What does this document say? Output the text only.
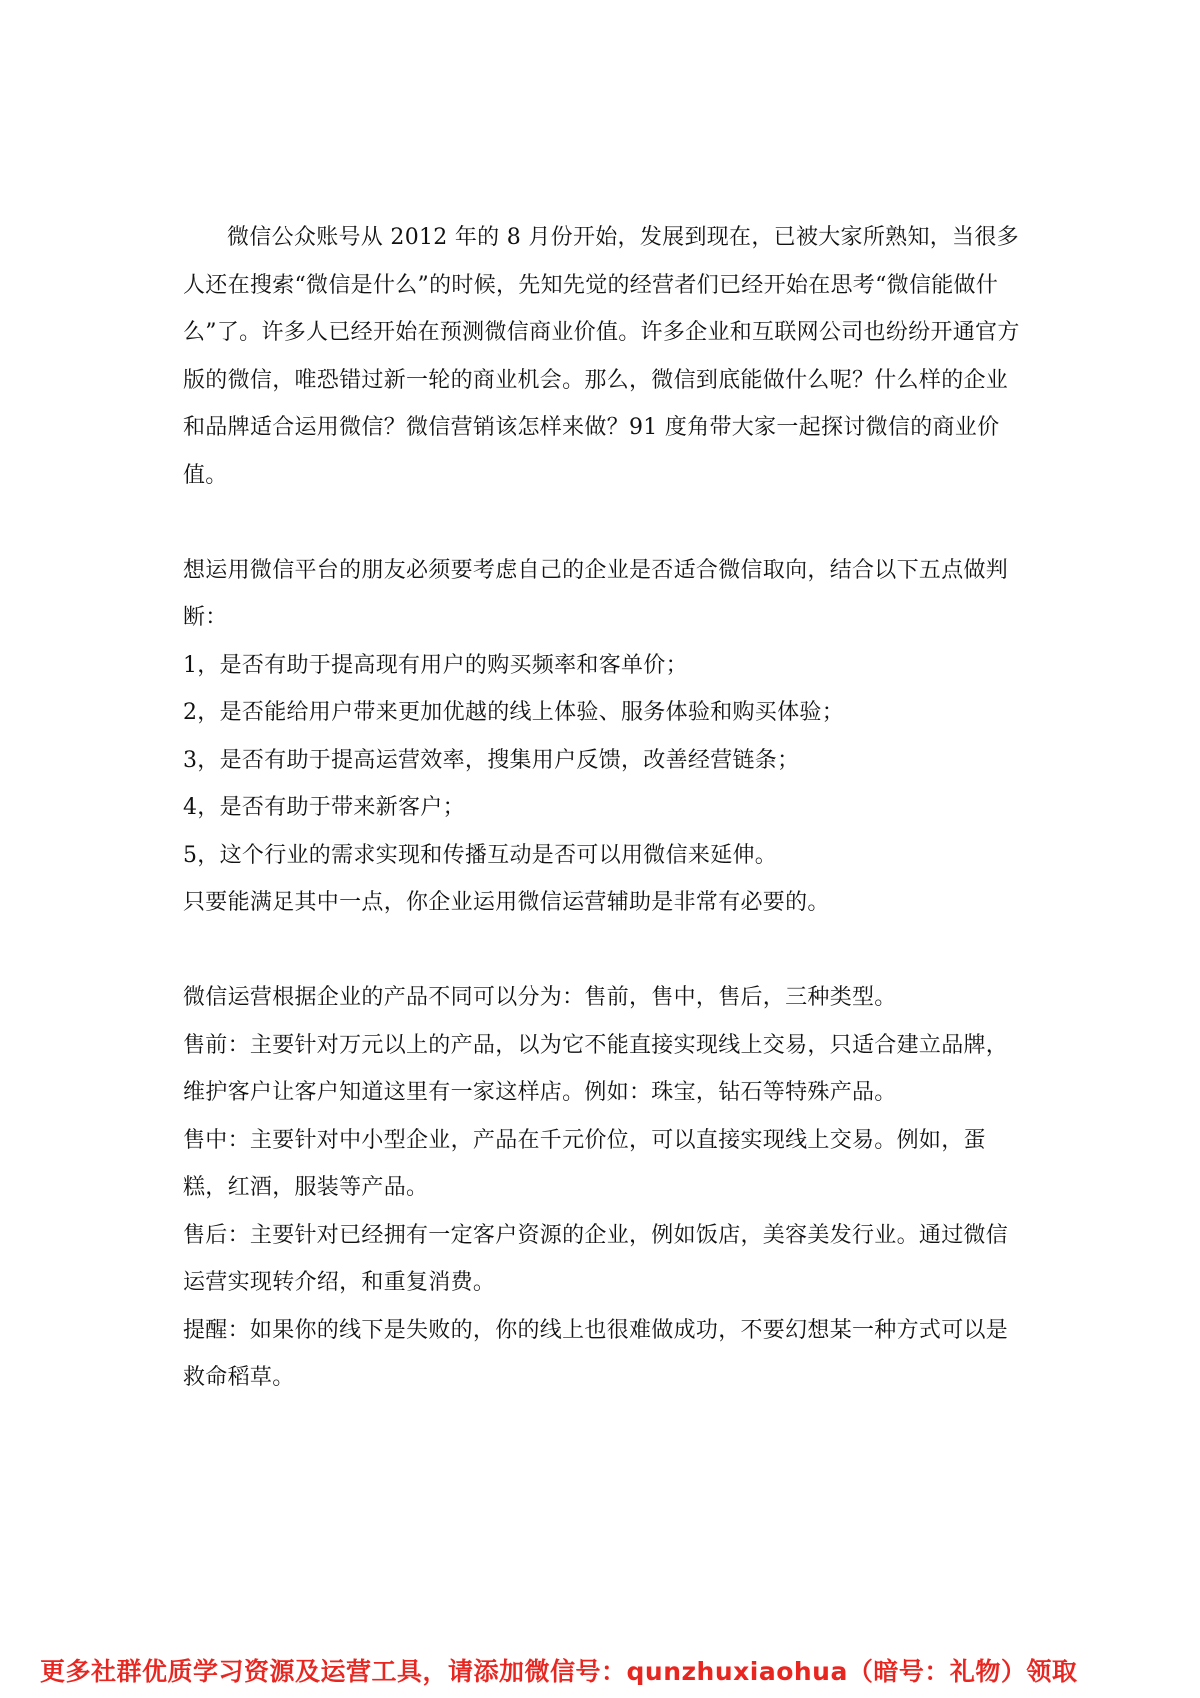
微信公众账号从 2012 年的 8 月份开始，发展到现在，已被大家所熟知，当很多人还在搜索“微信是什么”的时候，先知先觉的经营者们已经开始在思考“微信能做什么”了。许多人已经开始在预测微信商业价值。许多企业和互联网公司也纷纷开通官方版的微信，唯恐错过新一轮的商业机会。那么，微信到底能做什么呢？什么样的企业和品牌适合运用微信？微信营销该怎样来做？91 度角带大家一起探讨微信的商业价值。

想运用微信平台的朋友必须要考虑自己的企业是否适合微信取向，结合以下五点做判断：

1，是否有助于提高现有用户的购买频率和客单价；

2，是否能给用户带来更加优越的线上体验、服务体验和购买体验；

3，是否有助于提高运营效率，搜集用户反馈，改善经营链条；

4，是否有助于带来新客户；

5，这个行业的需求实现和传播互动是否可以用微信来延伸。

只要能满足其中一点，你企业运用微信运营辅助是非常有必要的。

微信运营根据企业的产品不同可以分为：售前，售中，售后，三种类型。

售前：主要针对万元以上的产品，以为它不能直接实现线上交易，只适合建立品牌，维护客户让客户知道这里有一家这样店。例如：珠宝，钻石等特殊产品。

售中：主要针对中小型企业，产品在千元价位，可以直接实现线上交易。例如，蛋糕，红酒，服装等产品。

售后：主要针对已经拥有一定客户资源的企业，例如饭店，美容美发行业。通过微信运营实现转介绍，和重复消费。

提醒：如果你的线下是失败的，你的线上也很难做成功，不要幻想某一种方式可以是救命稻草。

更多社群优质学习资源及运营工具，请添加微信号：qunzhuxiaohua（暗号：礼物）领取
